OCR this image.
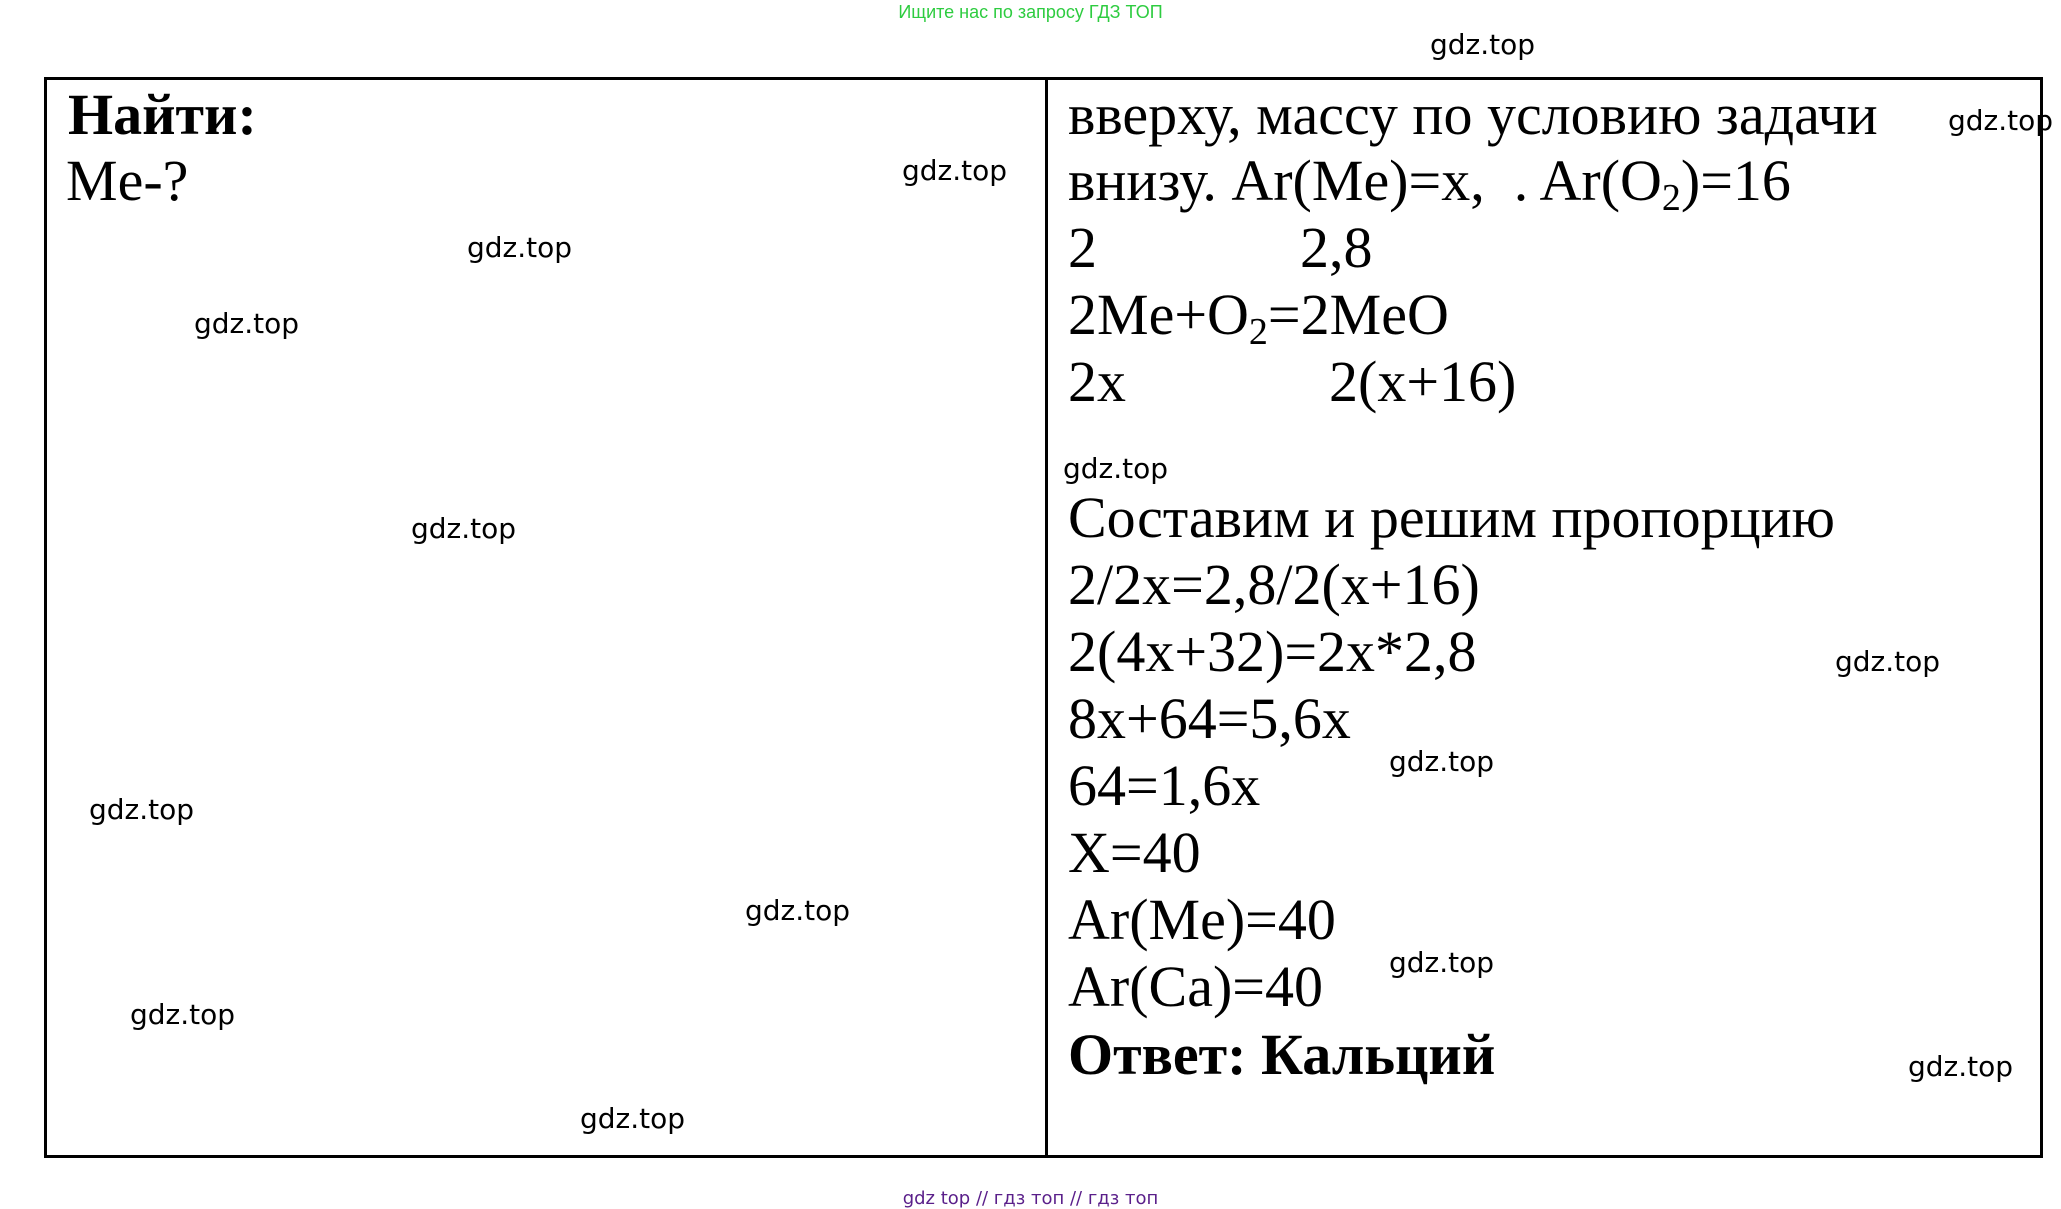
Ищите нас по запросу ГДЗ ТОП
Найти:
Me-?
вверху, массу по условию задачи
внизу. Ar(Me)=x,  . $Ar(O_2)=16$
2              2,8
$2Me+O_2=2MeO$
2x              2(x+16)
Составим и решим пропорцию
2/2x=2,8/2(x+16)
2(4x+32)=2x*2,8
8x+64=5,6x
64=1,6x
X=40
Ar(Me)=40
Ar(Ca)=40
Ответ: Кальций
gdz.top
gdz.top
gdz.top
gdz.top
gdz.top
gdz.top
gdz.top
gdz.top
gdz.top
gdz.top
gdz.top
gdz.top
gdz.top
gdz.top
gdz.top
gdz top // гдз топ // гдз топ
